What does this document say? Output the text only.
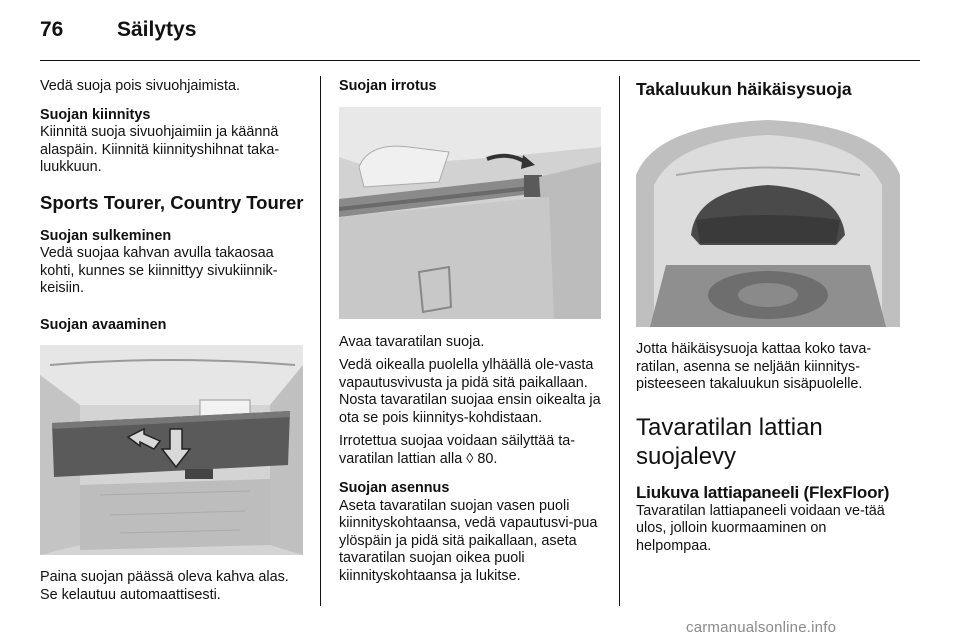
76	Säilytys

Vedä suoja pois sivuohjaimista.

Suojan kiinnitys

Kiinnitä suoja sivuohjaimiin ja käännä alaspäin. Kiinnitä kiinnityshihnat taka-luukkuun.

Sports Tourer, Country Tourer

Suojan sulkeminen

Vedä suojaa kahvan avulla takaosaa kohti, kunnes se kiinnittyy sivukiinnik-keisiin.

Suojan avaaminen

Paina suojan päässä oleva kahva alas. Se kelautuu automaattisesti.

Suojan irrotus

Avaa tavaratilan suoja.

Vedä oikealla puolella ylhäällä ole-vasta vapautusvivusta ja pidä sitä paikallaan. Nosta tavaratilan suojaa ensin oikealta ja ota se pois kiinnitys-kohdistaan.

Irrotettua suojaa voidaan säilyttää ta-varatilan lattian alla ◊ 80.

Suojan asennus

Aseta tavaratilan suojan vasen puoli kiinnityskohtaansa, vedä vapautusvi-pua ylöspäin ja pidä sitä paikallaan, aseta tavaratilan suojan oikea puoli kiinnityskohtaansa ja lukitse.

Takaluukun häikäisysuoja

Jotta häikäisysuoja kattaa koko tava-ratilan, asenna se neljään kiinnitys-pisteeseen takaluukun sisäpuolelle.

Tavaratilan lattian suojalevy

Liukuva lattiapaneeli (FlexFloor)

Tavaratilan lattiapaneeli voidaan ve-tää ulos, jolloin kuormaaminen on helpompaa.

carmanualsonline.info
